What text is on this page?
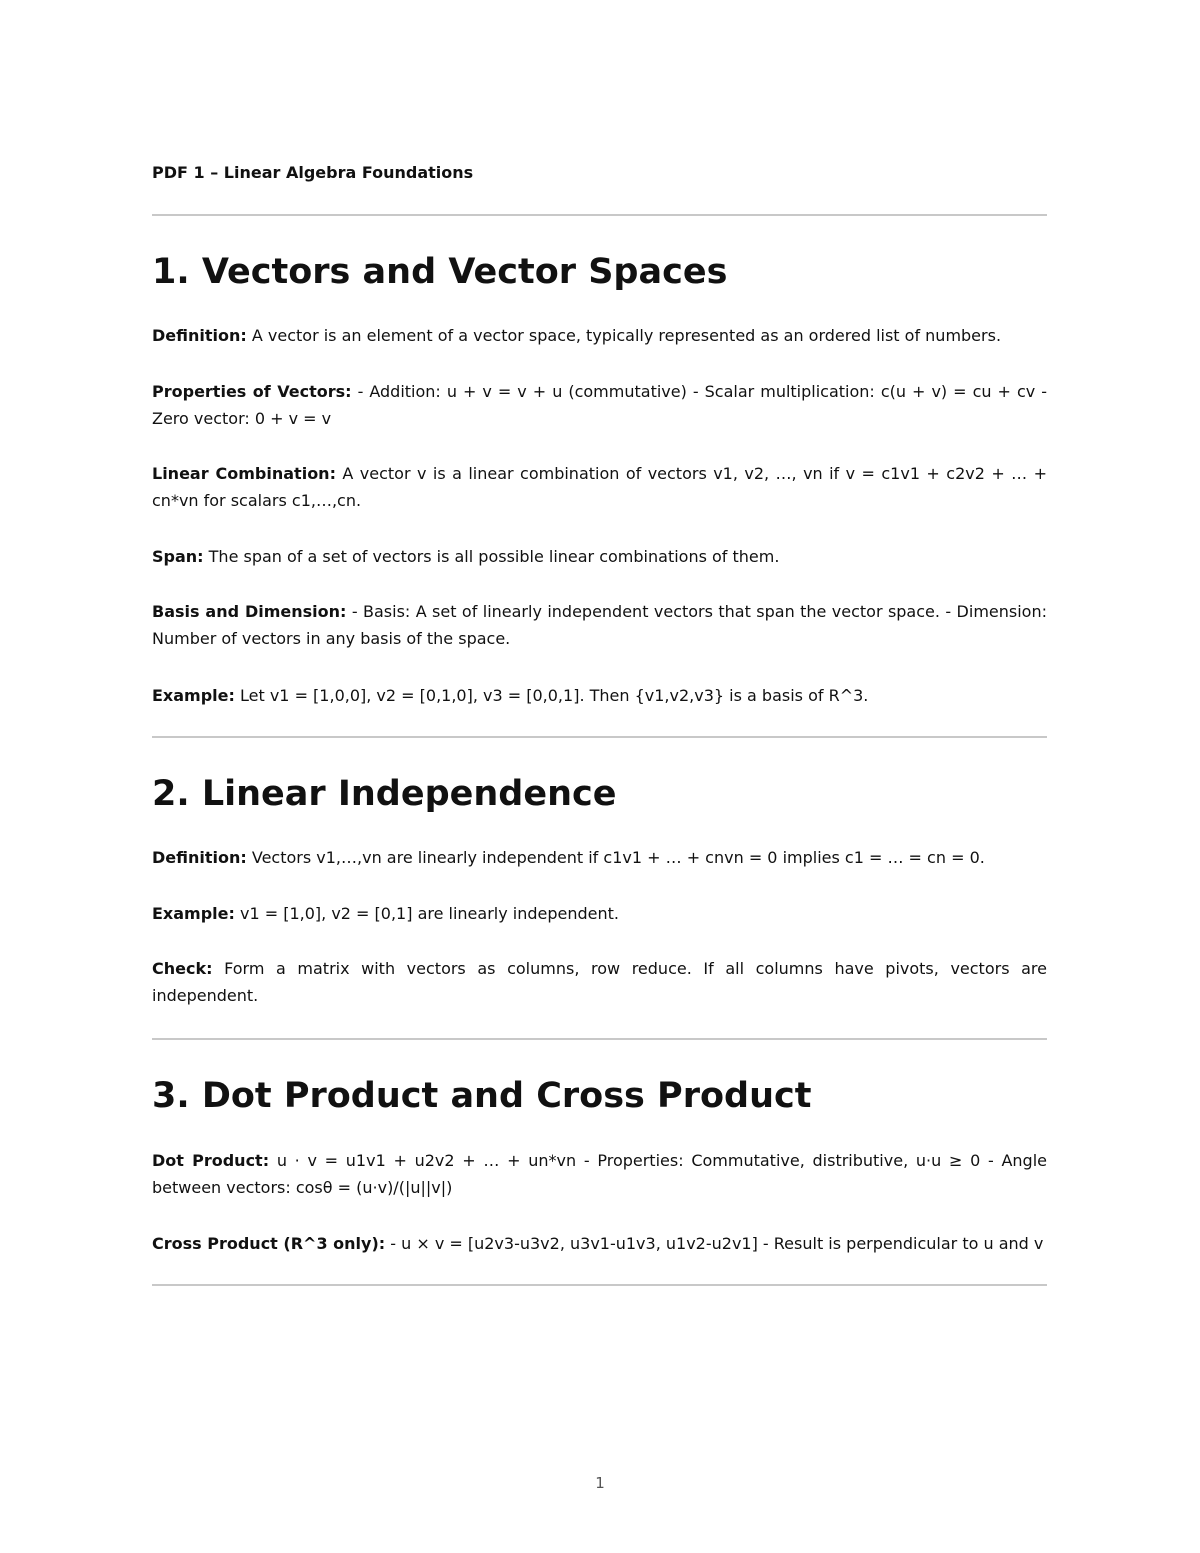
PDF 1 – Linear Algebra Foundations
1. Vectors and Vector Spaces

Definition: A vector is an element of a vector space, typically represented as an ordered list of numbers.

Properties of Vectors: - Addition: u + v = v + u (commutative) - Scalar multiplication: c(u + v) = cu + cv - Zero vector: 0 + v = v

Linear Combination: A vector v is a linear combination of vectors v1, v2, …, vn if v = c1v1 + c2v2 + … + cn*vn for scalars c1,…,cn.

Span: The span of a set of vectors is all possible linear combinations of them.

Basis and Dimension: - Basis: A set of linearly independent vectors that span the vector space. - Dimension: Number of vectors in any basis of the space.

Example: Let v1 = [1,0,0], v2 = [0,1,0], v3 = [0,0,1]. Then {v1,v2,v3} is a basis of R^3.

2. Linear Independence

Definition: Vectors v1,…,vn are linearly independent if c1v1 + … + cnvn = 0 implies c1 = … = cn = 0.

Example: v1 = [1,0], v2 = [0,1] are linearly independent.

Check: Form a matrix with vectors as columns, row reduce. If all columns have pivots, vectors are independent.

3. Dot Product and Cross Product

Dot Product: u · v = u1v1 + u2v2 + … + un*vn - Properties: Commutative, distributive, u·u ≥ 0 - Angle between vectors: cosθ = (u·v)/(|u||v|)

Cross Product (R^3 only): - u × v = [u2v3-u3v2, u3v1-u1v3, u1v2-u2v1] - Result is perpendicular to u and v

1
